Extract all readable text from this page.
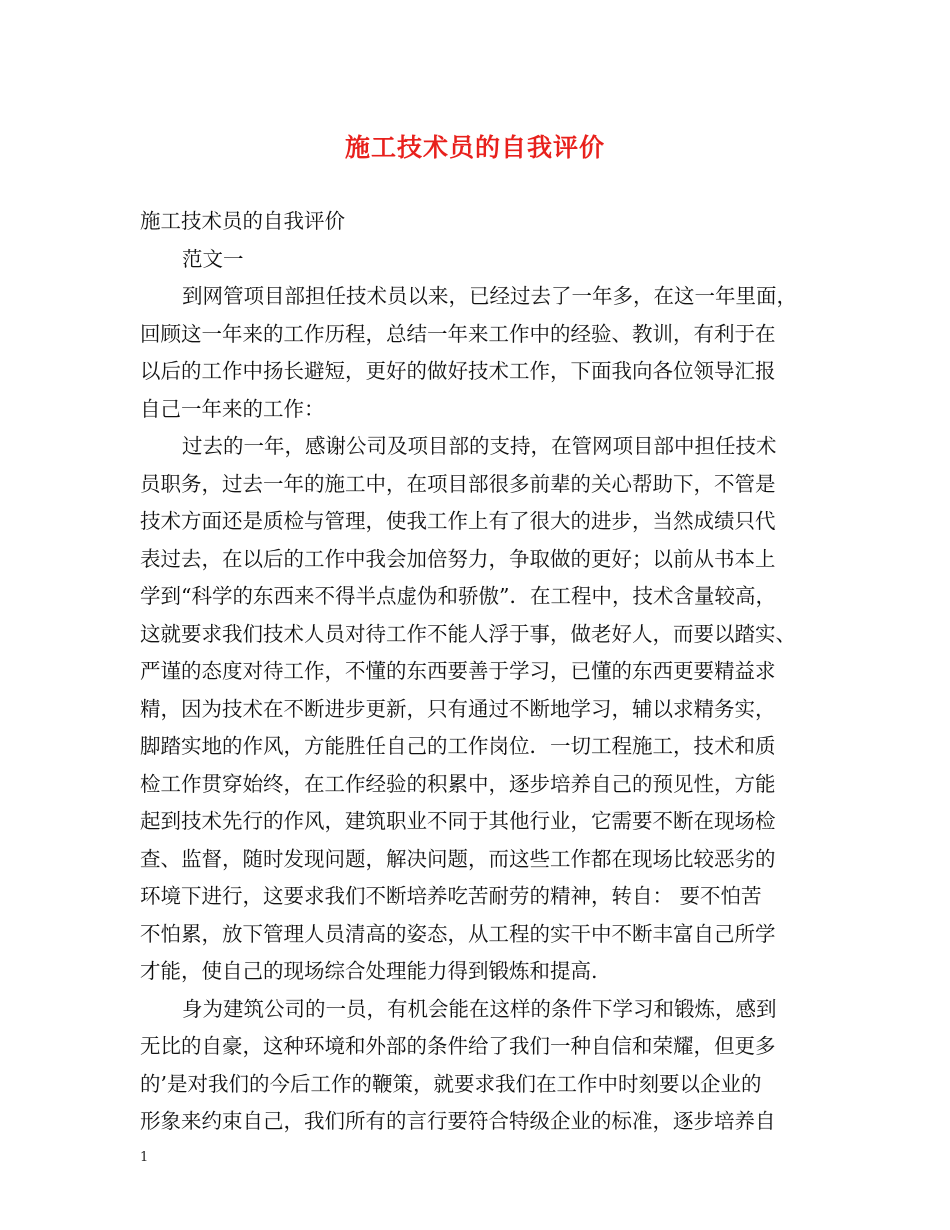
施工技术员的自我评价
施工技术员的自我评价
范文一
到网管项目部担任技术员以来，已经过去了一年多，在这一年里面，
回顾这一年来的工作历程，总结一年来工作中的经验、教训，有利于在
以后的工作中扬长避短，更好的做好技术工作，下面我向各位领导汇报
自己一年来的工作：
过去的一年，感谢公司及项目部的支持，在管网项目部中担任技术
员职务，过去一年的施工中，在项目部很多前辈的关心帮助下，不管是
技术方面还是质检与管理，使我工作上有了很大的进步，当然成绩只代
表过去，在以后的工作中我会加倍努力，争取做的更好；以前从书本上
学到“科学的东西来不得半点虚伪和骄傲”．在工程中，技术含量较高，
这就要求我们技术人员对待工作不能人浮于事，做老好人，而要以踏实、
严谨的态度对待工作，不懂的东西要善于学习，已懂的东西更要精益求
精，因为技术在不断进步更新，只有通过不断地学习，辅以求精务实，
脚踏实地的作风，方能胜任自己的工作岗位．一切工程施工，技术和质
检工作贯穿始终，在工作经验的积累中，逐步培养自己的预见性，方能
起到技术先行的作风，建筑职业不同于其他行业，它需要不断在现场检
查、监督，随时发现问题，解决问题，而这些工作都在现场比较恶劣的
环境下进行，这要求我们不断培养吃苦耐劳的精神，转自： 要不怕苦
不怕累，放下管理人员清高的姿态，从工程的实干中不断丰富自己所学
才能，使自己的现场综合处理能力得到锻炼和提高.
身为建筑公司的一员，有机会能在这样的条件下学习和锻炼，感到
无比的自豪，这种环境和外部的条件给了我们一种自信和荣耀，但更多
的’是对我们的今后工作的鞭策，就要求我们在工作中时刻要以企业的
形象来约束自己，我们所有的言行要符合特级企业的标准，逐步培养自
1
